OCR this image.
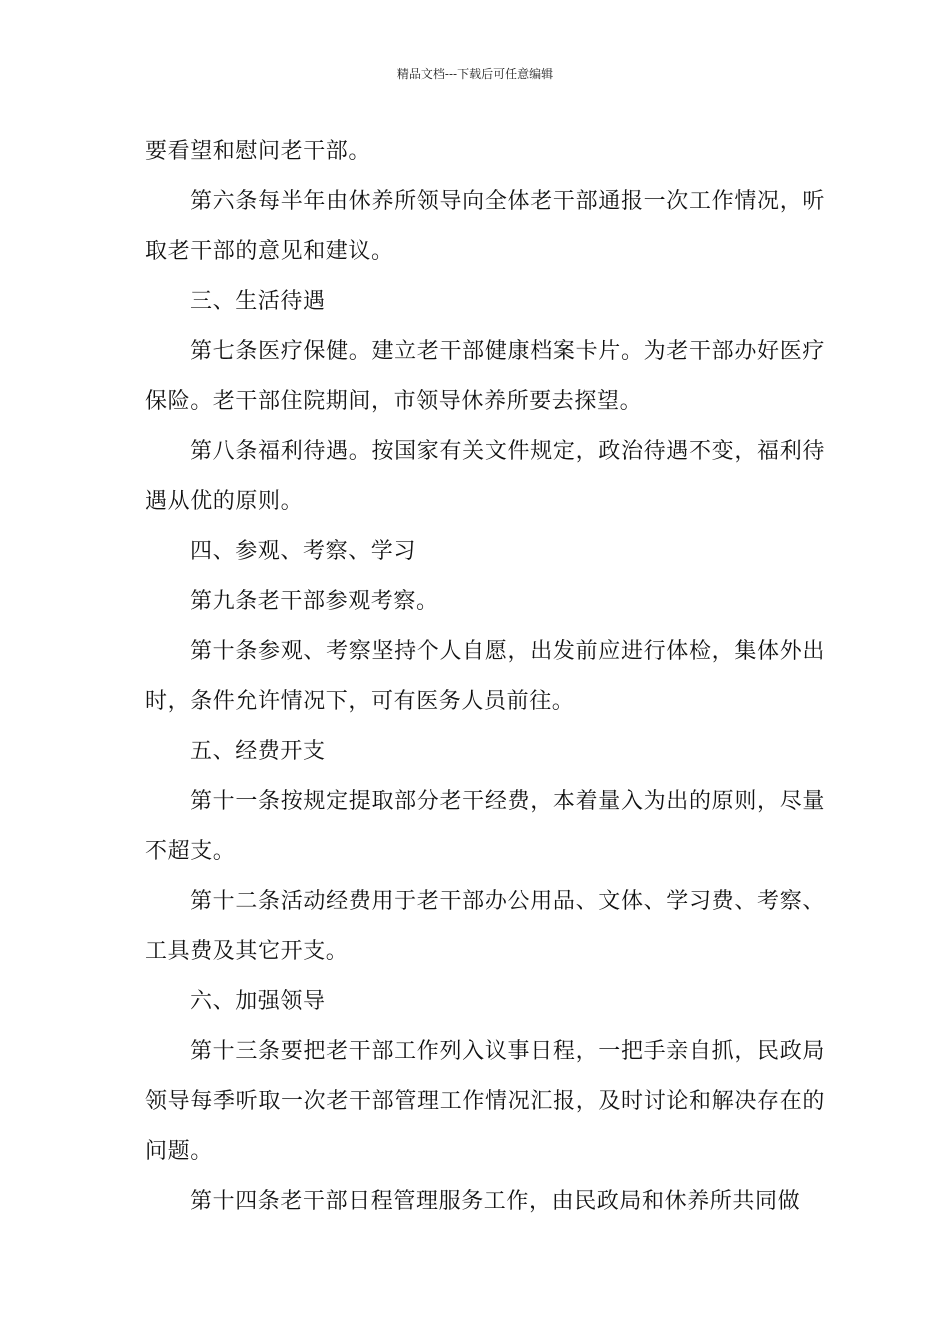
精品文档---下载后可任意编辑

要看望和慰问老干部。

第六条每半年由休养所领导向全体老干部通报一次工作情况，听取老干部的意见和建议。

三、生活待遇

第七条医疗保健。建立老干部健康档案卡片。为老干部办好医疗保险。老干部住院期间，市领导休养所要去探望。

第八条福利待遇。按国家有关文件规定，政治待遇不变，福利待遇从优的原则。

四、参观、考察、学习

第九条老干部参观考察。

第十条参观、考察坚持个人自愿，出发前应进行体检，集体外出时，条件允许情况下，可有医务人员前往。

五、经费开支

第十一条按规定提取部分老干经费，本着量入为出的原则，尽量不超支。

第十二条活动经费用于老干部办公用品、文体、学习费、考察、工具费及其它开支。

六、加强领导

第十三条要把老干部工作列入议事日程，一把手亲自抓，民政局领导每季听取一次老干部管理工作情况汇报，及时讨论和解决存在的问题。

第十四条老干部日程管理服务工作，由民政局和休养所共同做
